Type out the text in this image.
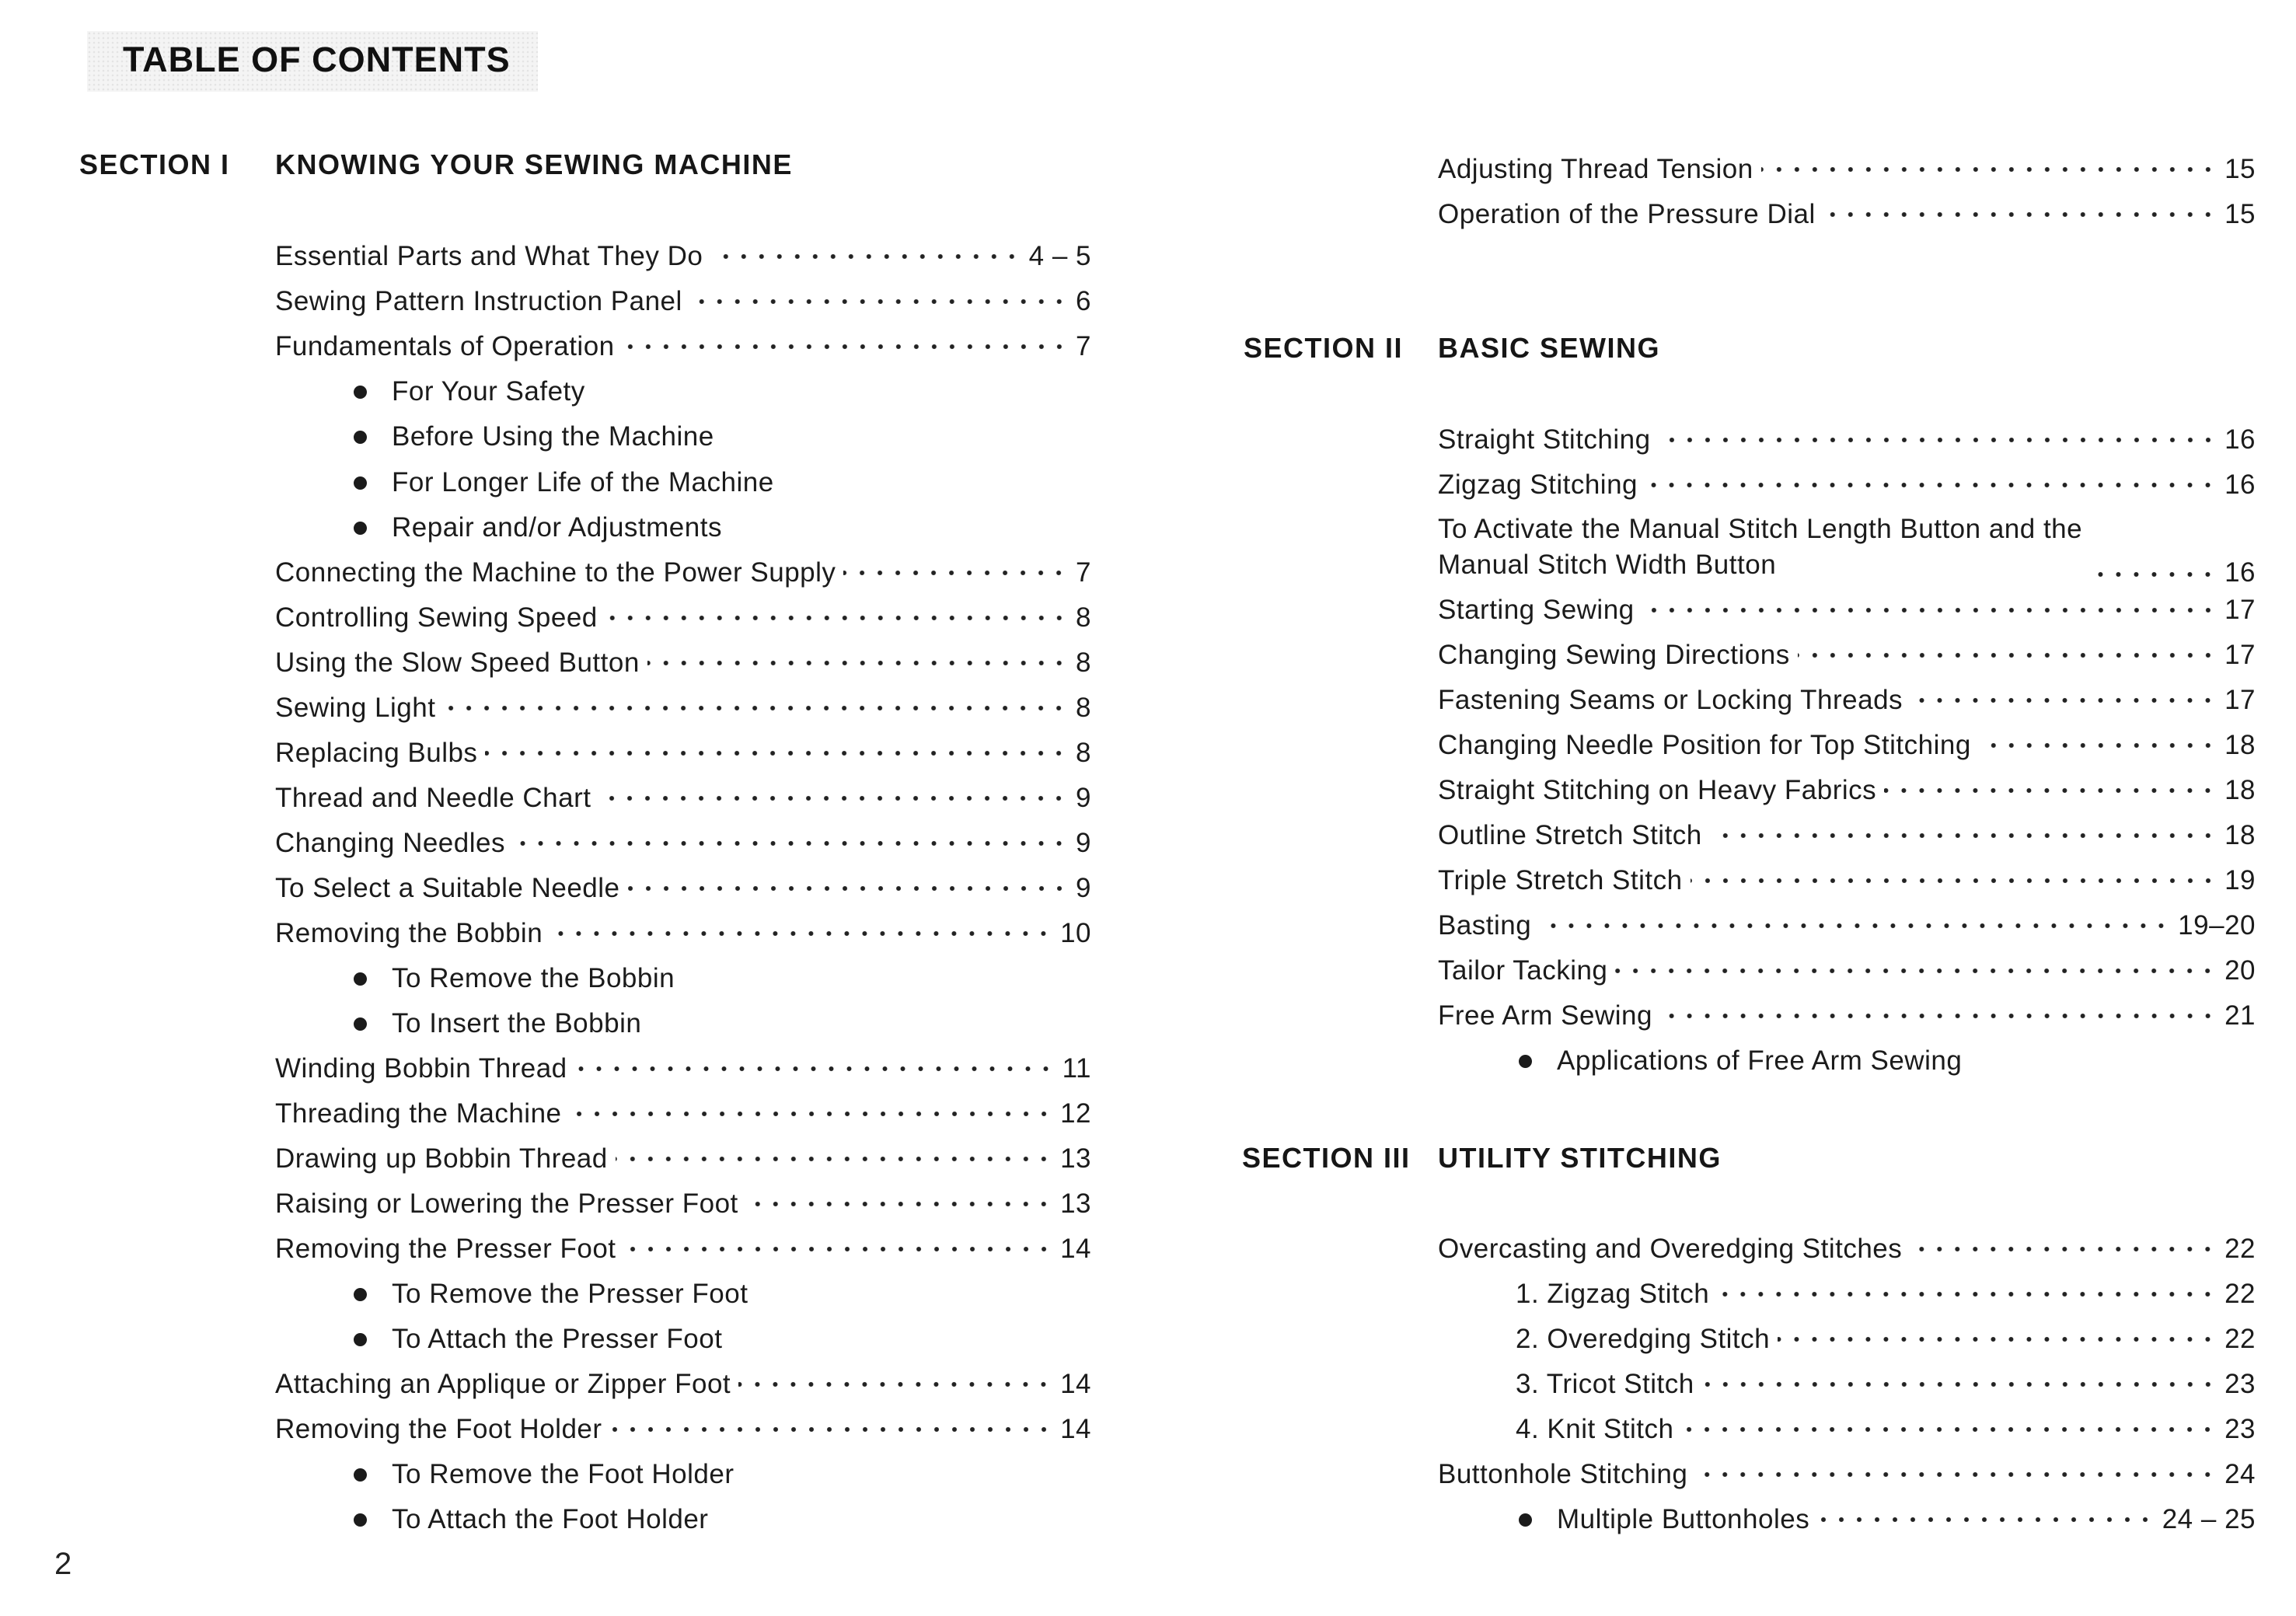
TABLE OF CONTENTS
SECTION I KNOWING YOUR SEWING MACHINE
Essential Parts and What They Do	4 – 5
Sewing Pattern Instruction Panel	6
Fundamentals of Operation	7
For Your Safety
Before Using the Machine
For Longer Life of the Machine
Repair and/or Adjustments
Connecting the Machine to the Power Supply	7
Controlling Sewing Speed	8
Using the Slow Speed Button	8
Sewing Light	8
Replacing Bulbs	8
Thread and Needle Chart	9
Changing Needles	9
To Select a Suitable Needle	9
Removing the Bobbin	10
To Remove the Bobbin
To Insert the Bobbin
Winding Bobbin Thread	11
Threading the Machine	12
Drawing up Bobbin Thread	13
Raising or Lowering the Presser Foot	13
Removing the Presser Foot	14
To Remove the Presser Foot
To Attach the Presser Foot
Attaching an Applique or Zipper Foot	14
Removing the Foot Holder	14
To Remove the Foot Holder
To Attach the Foot Holder
Adjusting Thread Tension	15
Operation of the Pressure Dial	15
SECTION II BASIC SEWING
Straight Stitching	16
Zigzag Stitching	16
To Activate the Manual Stitch Length Button and the
Manual Stitch Width Button	16
Starting Sewing	17
Changing Sewing Directions	17
Fastening Seams or Locking Threads	17
Changing Needle Position for Top Stitching	18
Straight Stitching on Heavy Fabrics	18
Outline Stretch Stitch	18
Triple Stretch Stitch	19
Basting	19–20
Tailor Tacking	20
Free Arm Sewing	21
Applications of Free Arm Sewing
SECTION III UTILITY STITCHING
Overcasting and Overedging Stitches	22
1. Zigzag Stitch	22
2. Overedging Stitch	22
3. Tricot Stitch	23
4. Knit Stitch	23
Buttonhole Stitching	24
Multiple Buttonholes	24 – 25
2
